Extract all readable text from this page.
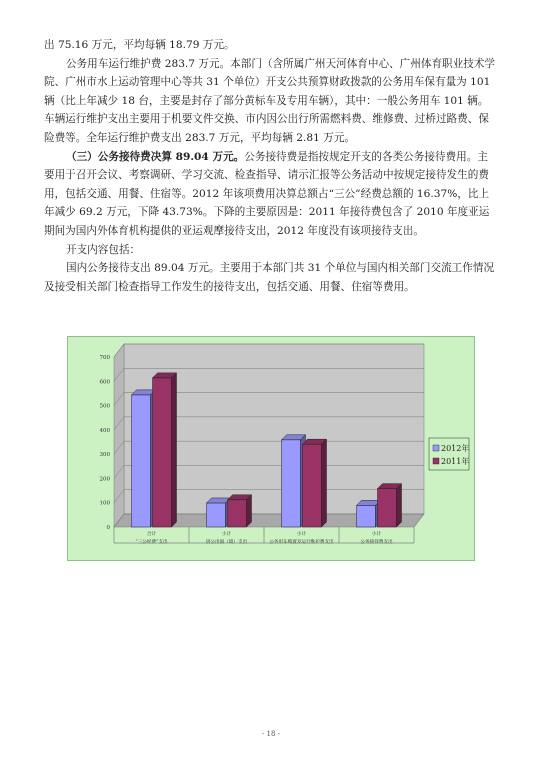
出 75.16 万元，平均每辆 18.79 万元。

公务用车运行维护费 283.7 万元。本部门（含所属广州天河体育中心、广州体育职业技术学院、广州市水上运动管理中心等共 31 个单位）开支公共预算财政拨款的公务用车保有量为 101 辆（比上年减少 18 台，主要是封存了部分黄标车及专用车辆），其中：一般公务用车 101 辆。车辆运行维护支出主要用于机要文件交换、市内因公出行所需燃料费、维修费、过桥过路费、保险费等。全年运行维护费支出 283.7 万元，平均每辆 2.81 万元。

（三）公务接待费决算 89.04 万元。公务接待费是指按规定开支的各类公务接待费用。主要用于召开会议、考察调研、学习交流、检查指导、请示汇报等公务活动中按规定接待发生的费用，包括交通、用餐、住宿等。2012 年该项费用决算总额占“三公”经费总额的 16.37%，比上年减少 69.2 万元，下降 43.73%。下降的主要原因是：2011 年接待费包含了 2010 年度亚运期间为国内外体育机构提供的亚运观摩接待支出，2012 年度没有该项接待支出。

开支内容包括：

国内公务接待支出 89.04 万元。主要用于本部门共 31 个单位与国内相关部门交流工作情况及接受相关部门检查指导工作发生的接待支出，包括交通、用餐、住宿等费用。

0
100
200
300
400
500
600
700
合计
“三公经费”支出
小计
因公出国（境）支出
小计
公务用车购置及运行维护费支出
小计
公务接待费支出
2012年
2011年
- 18 -
